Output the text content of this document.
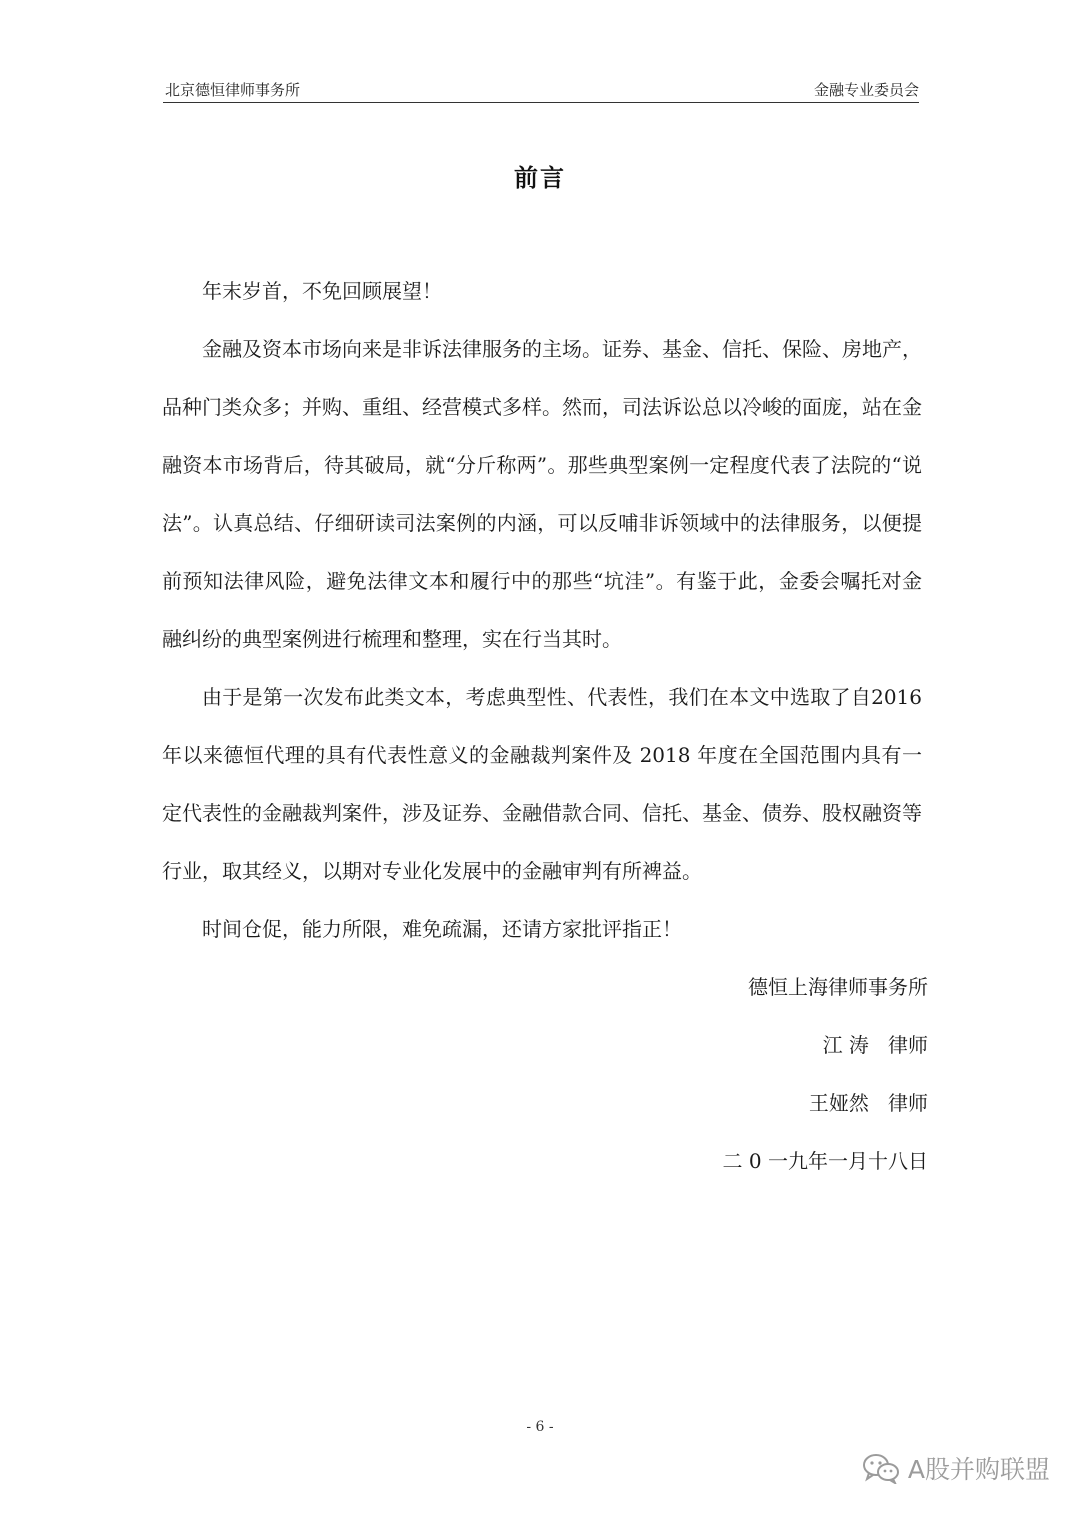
北京德恒律师事务所	金融专业委员会
前言

年末岁首，不免回顾展望！

金融及资本市场向来是非诉法律服务的主场。证券、基金、信托、保险、房地产，品种门类众多；并购、重组、经营模式多样。然而，司法诉讼总以冷峻的面庞，站在金融资本市场背后，待其破局，就“分斤称两”。那些典型案例一定程度代表了法院的“说法”。认真总结、仔细研读司法案例的内涵，可以反哺非诉领域中的法律服务，以便提前预知法律风险，避免法律文本和履行中的那些“坑洼”。有鉴于此，金委会嘱托对金融纠纷的典型案例进行梳理和整理，实在行当其时。

由于是第一次发布此类文本，考虑典型性、代表性，我们在本文中选取了自2016 年以来德恒代理的具有代表性意义的金融裁判案件及 2018 年度在全国范围内具有一定代表性的金融裁判案件，涉及证券、金融借款合同、信托、基金、债券、股权融资等行业，取其经义，以期对专业化发展中的金融审判有所裨益。

时间仓促，能力所限，难免疏漏，还请方家批评指正！

德恒上海律师事务所
江 涛   律师
王娅然   律师
二 0 一九年一月十八日
- 6 -
A股并购联盟
